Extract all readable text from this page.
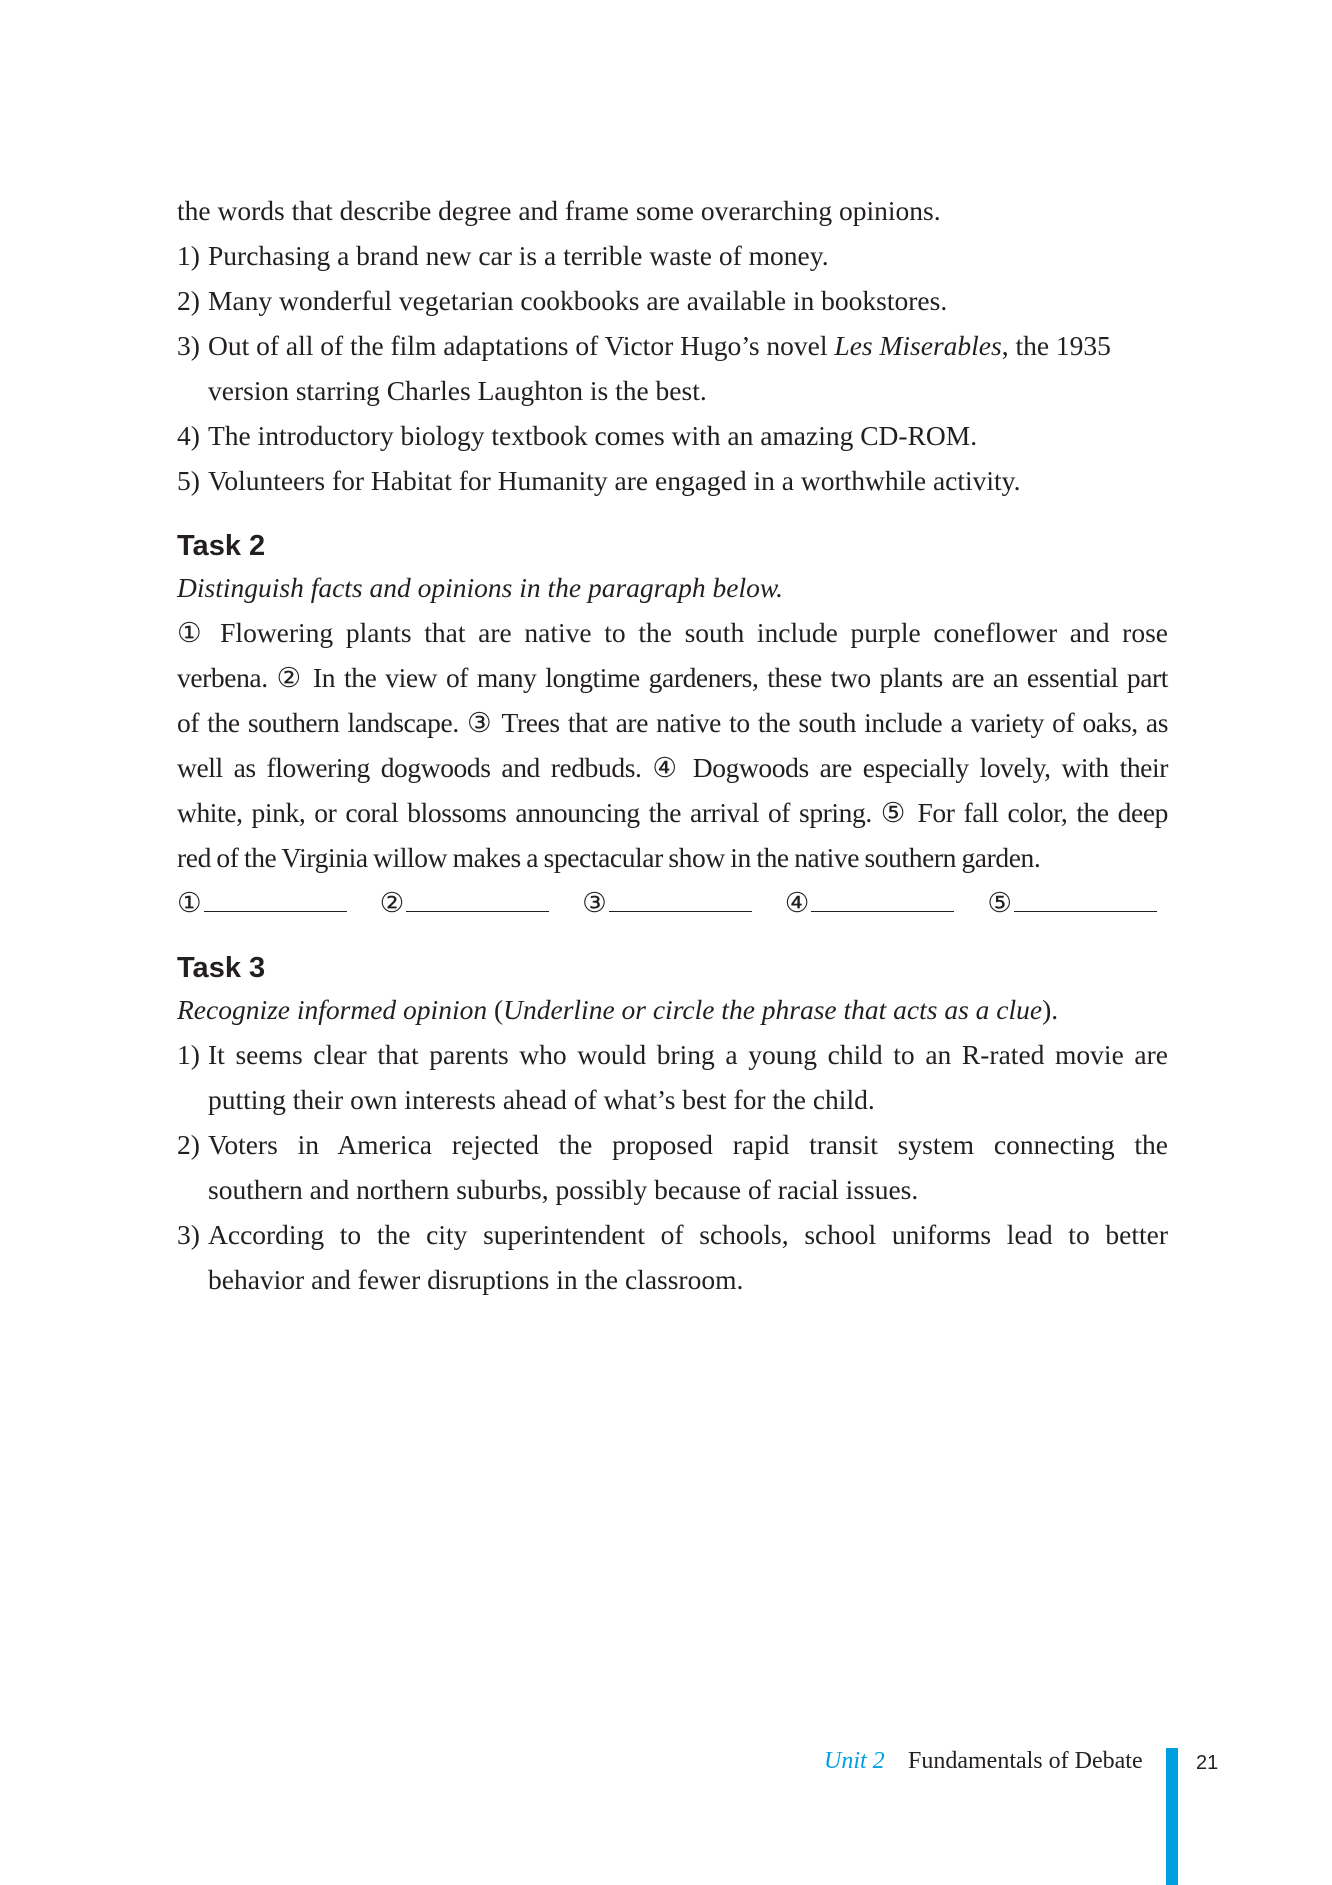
the words that describe degree and frame some overarching opinions.

1) Purchasing a brand new car is a terrible waste of money.
2) Many wonderful vegetarian cookbooks are available in bookstores.
3) Out of all of the film adaptations of Victor Hugo’s novel Les Miserables, the 1935

version starring Charles Laughton is the best.

4) The introductory biology textbook comes with an amazing CD-ROM.
5) Volunteers for Habitat for Humanity are engaged in a worthwhile activity.
Task 2

Distinguish facts and opinions in the paragraph below.

① Flowering plants that are native to the south include purple coneflower and rose

verbena. ② In the view of many longtime gardeners, these two plants are an essential part

of the southern landscape. ③ Trees that are native to the south include a variety of oaks, as

well as flowering dogwoods and redbuds. ④ Dogwoods are especially lovely, with their

white, pink, or coral blossoms announcing the arrival of spring. ⑤ For fall color, the deep

red of the Virginia willow makes a spectacular show in the native southern garden.

①	②	③	④	⑤
Task 3

Recognize informed opinion (Underline or circle the phrase that acts as a clue).

1) It seems clear that parents who would bring a young child to an R-rated movie are

putting their own interests ahead of what’s best for the child.

2) Voters in America rejected the proposed rapid transit system connecting the

southern and northern suburbs, possibly because of racial issues.

3) According to the city superintendent of schools, school uniforms lead to better

behavior and fewer disruptions in the classroom.

Unit 2 Fundamentals of Debate	21
